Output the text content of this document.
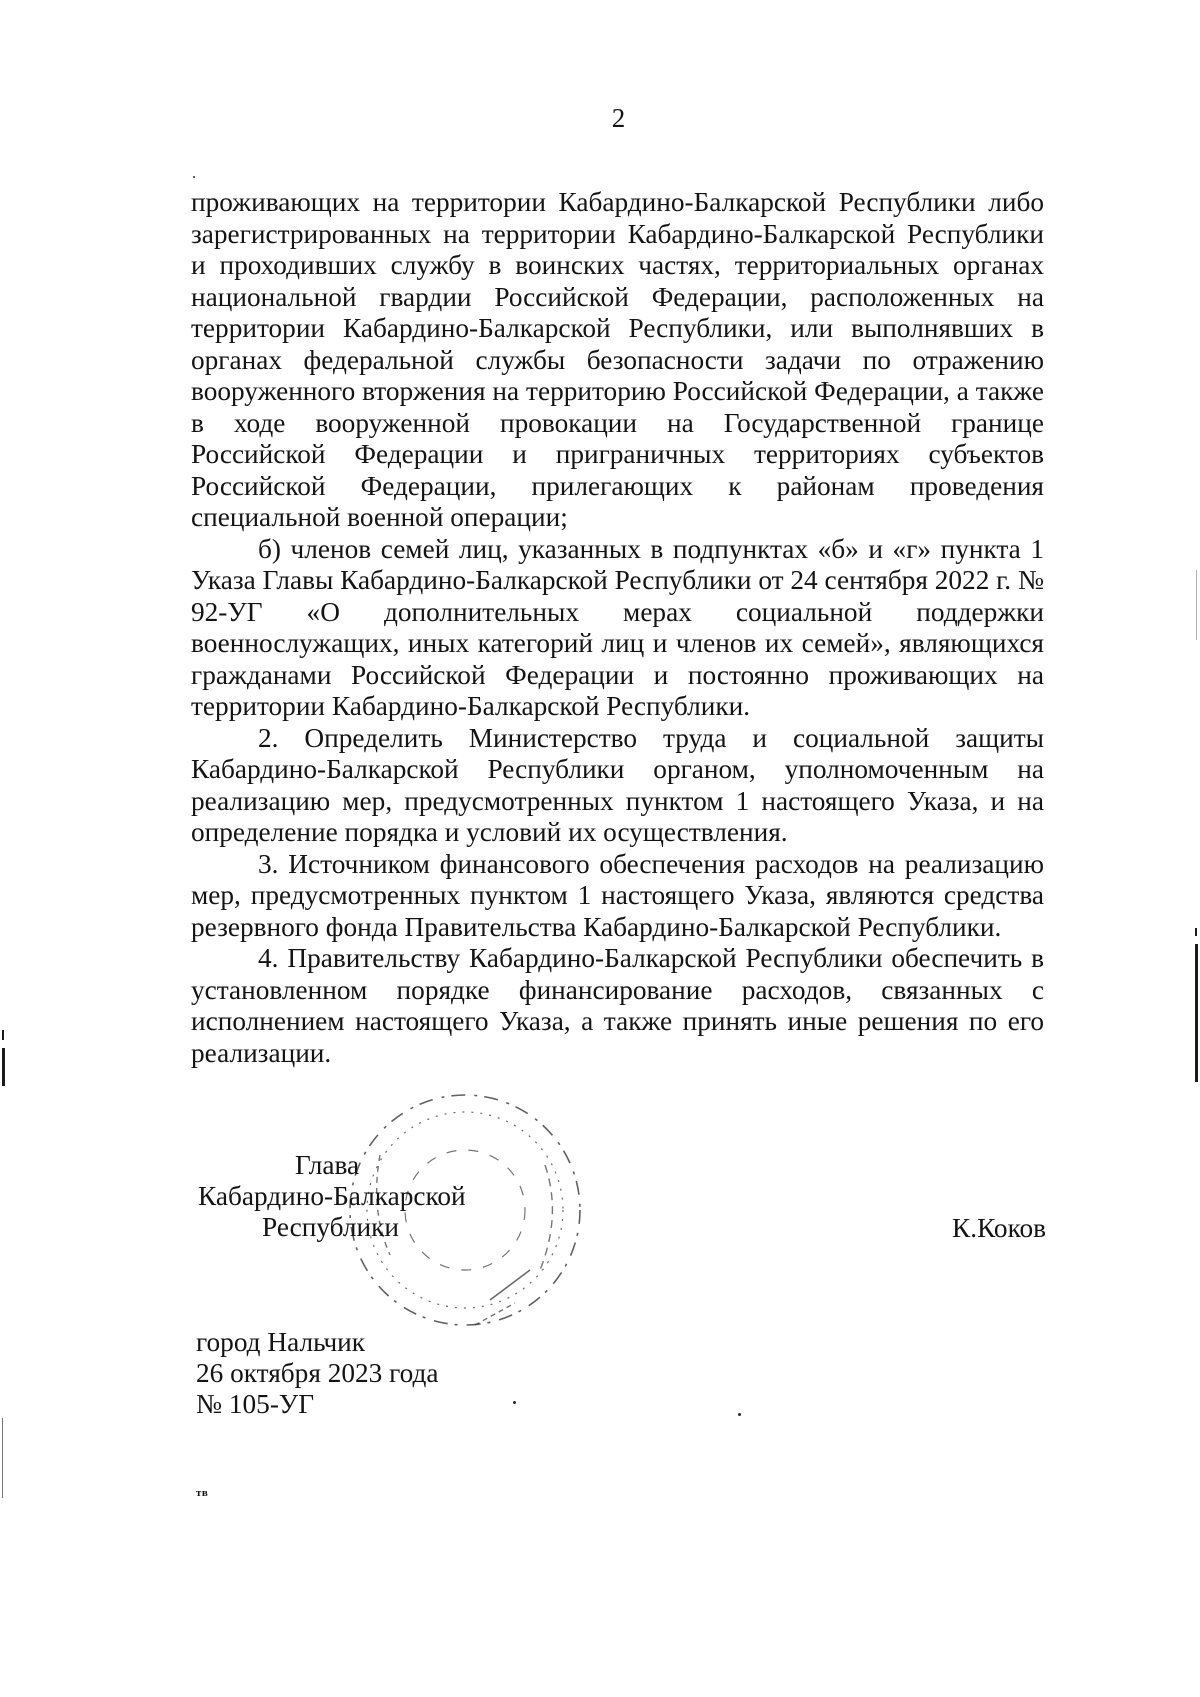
2

проживающих на территории Кабардино-Балкарской Республики либо зарегистрированных на территории Кабардино-Балкарской Республики и проходивших службу в воинских частях, территориальных органах национальной гвардии Российской Федерации, расположенных на территории Кабардино-Балкарской Республики, или выполнявших в органах федеральной службы безопасности задачи по отражению вооруженного вторжения на территорию Российской Федерации, а также в ходе вооруженной провокации на Государственной границе Российской Федерации и приграничных территориях субъектов Российской Федерации, прилегающих к районам проведения специальной военной операции;

б) членов семей лиц, указанных в подпунктах «б» и «г» пункта 1 Указа Главы Кабардино-Балкарской Республики от 24 сентября 2022 г. № 92-УГ «О дополнительных мерах социальной поддержки военнослужащих, иных категорий лиц и членов их семей», являющихся гражданами Российской Федерации и постоянно проживающих на территории Кабардино-Балкарской Республики.

2. Определить Министерство труда и социальной защиты Кабардино-Балкарской Республики органом, уполномоченным на реализацию мер, предусмотренных пунктом 1 настоящего Указа, и на определение порядка и условий их осуществления.

3. Источником финансового обеспечения расходов на реализацию мер, предусмотренных пунктом 1 настоящего Указа, являются средства резервного фонда Правительства Кабардино-Балкарской Республики.

4. Правительству Кабардино-Балкарской Республики обеспечить в установленном порядке финансирование расходов, связанных с исполнением настоящего Указа, а также принять иные решения по его реализации.

Глава
Кабардино-Балкарской
Республики	К.Коков
город Нальчик
26 октября 2023 года
№ 105-УГ
тв
